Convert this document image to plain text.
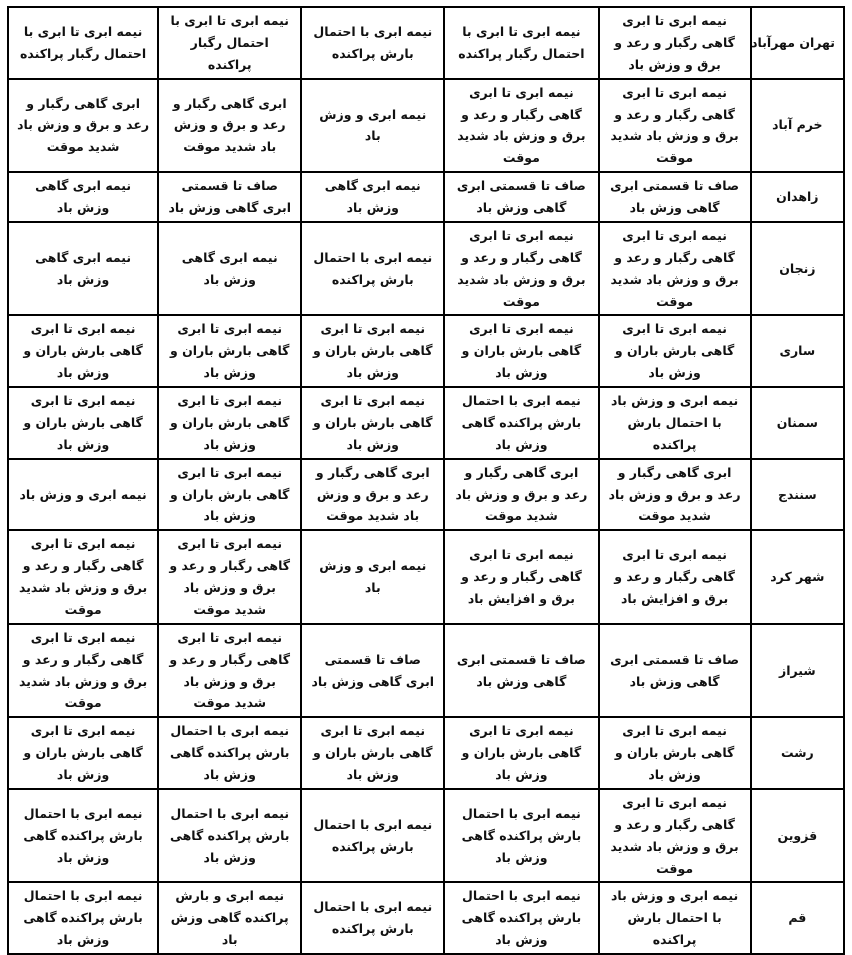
تهران مهرآباد	نیمه ابری تا ابری گاهی رگبار و رعد و برق و وزش باد	نیمه ابری تا ابری با احتمال رگبار پراکنده	نیمه ابری با احتمال بارش پراکنده	نیمه ابری تا ابری با احتمال رگبار پراکنده	نیمه ابری تا ابری با احتمال رگبار پراکنده
خرم آباد	نیمه ابری تا ابری گاهی رگبار و رعد و برق و وزش باد شدید موقت	نیمه ابری تا ابری گاهی رگبار و رعد و برق و وزش باد شدید موقت	نیمه ابری و وزش باد	ابری گاهی رگبار و رعد و برق و وزش باد شدید موقت	ابری گاهی رگبار و رعد و برق و وزش باد شدید موقت
زاهدان	صاف تا قسمتی ابری گاهی وزش باد	صاف تا قسمتی ابری گاهی وزش باد	نیمه ابری گاهی وزش باد	صاف تا قسمتی ابری گاهی وزش باد	نیمه ابری گاهی وزش باد
زنجان	نیمه ابری تا ابری گاهی رگبار و رعد و برق و وزش باد شدید موقت	نیمه ابری تا ابری گاهی رگبار و رعد و برق و وزش باد شدید موقت	نیمه ابری با احتمال بارش پراکنده	نیمه ابری گاهی وزش باد	نیمه ابری گاهی وزش باد
ساری	نیمه ابری تا ابری گاهی بارش باران و وزش باد	نیمه ابری تا ابری گاهی بارش باران و وزش باد	نیمه ابری تا ابری گاهی بارش باران و وزش باد	نیمه ابری تا ابری گاهی بارش باران و وزش باد	نیمه ابری تا ابری گاهی بارش باران و وزش باد
سمنان	نیمه ابری و وزش باد با احتمال بارش پراکنده	نیمه ابری با احتمال بارش پراکنده گاهی وزش باد	نیمه ابری تا ابری گاهی بارش باران و وزش باد	نیمه ابری تا ابری گاهی بارش باران و وزش باد	نیمه ابری تا ابری گاهی بارش باران و وزش باد
سنندج	ابری گاهی رگبار و رعد و برق و وزش باد شدید موقت	ابری گاهی رگبار و رعد و برق و وزش باد شدید موقت	ابری گاهی رگبار و رعد و برق و وزش باد شدید موقت	نیمه ابری تا ابری گاهی بارش باران و وزش باد	نیمه ابری و وزش باد
شهر کرد	نیمه ابری تا ابری گاهی رگبار و رعد و برق و افزایش باد	نیمه ابری تا ابری گاهی رگبار و رعد و برق و افزایش باد	نیمه ابری و وزش باد	نیمه ابری تا ابری گاهی رگبار و رعد و برق و وزش باد شدید موقت	نیمه ابری تا ابری گاهی رگبار و رعد و برق و وزش باد شدید موقت
شیراز	صاف تا قسمتی ابری گاهی وزش باد	صاف تا قسمتی ابری گاهی وزش باد	صاف تا قسمتی ابری گاهی وزش باد	نیمه ابری تا ابری گاهی رگبار و رعد و برق و وزش باد شدید موقت	نیمه ابری تا ابری گاهی رگبار و رعد و برق و وزش باد شدید موقت
رشت	نیمه ابری تا ابری گاهی بارش باران و وزش باد	نیمه ابری تا ابری گاهی بارش باران و وزش باد	نیمه ابری تا ابری گاهی بارش باران و وزش باد	نیمه ابری با احتمال بارش پراکنده گاهی وزش باد	نیمه ابری تا ابری گاهی بارش باران و وزش باد
قزوین	نیمه ابری تا ابری گاهی رگبار و رعد و برق و وزش باد شدید موقت	نیمه ابری با احتمال بارش پراکنده گاهی وزش باد	نیمه ابری با احتمال بارش پراکنده	نیمه ابری با احتمال بارش پراکنده گاهی وزش باد	نیمه ابری با احتمال بارش پراکنده گاهی وزش باد
قم	نیمه ابری و وزش باد با احتمال بارش پراکنده	نیمه ابری با احتمال بارش پراکنده گاهی وزش باد	نیمه ابری با احتمال بارش پراکنده	نیمه ابری و بارش پراکنده گاهی وزش باد	نیمه ابری با احتمال بارش پراکنده گاهی وزش باد
